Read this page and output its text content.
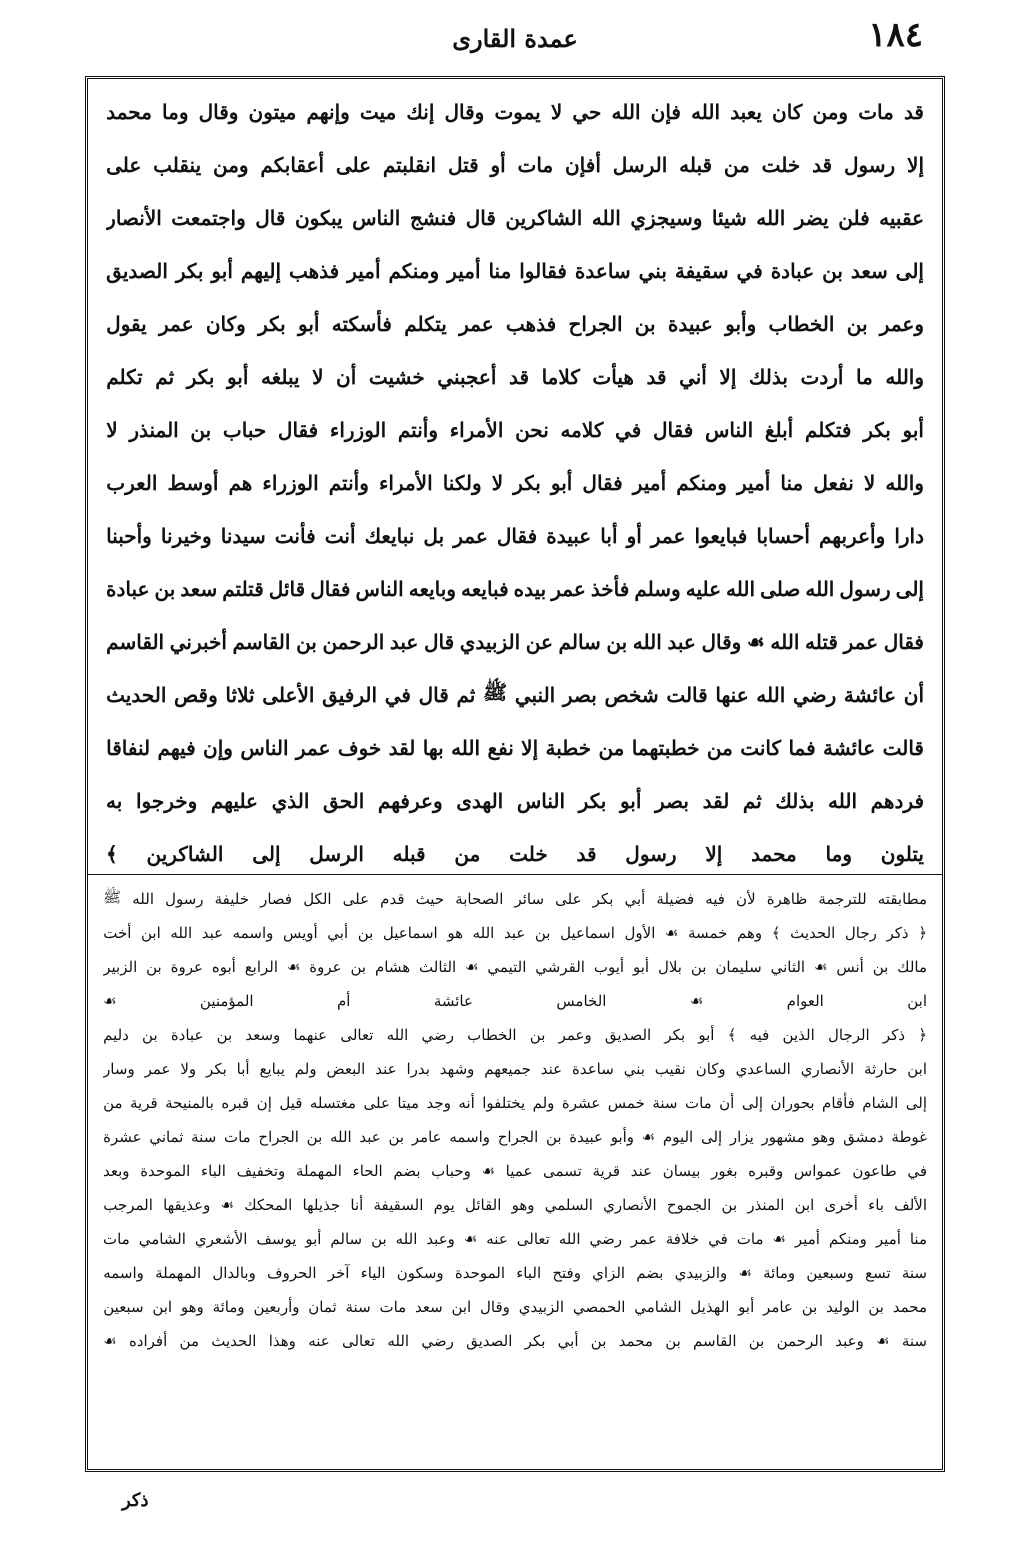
١٨٤
عمدة القارى
قد
مات
ومن
كان
يعبد
الله
فإن
الله
حي
لا
يموت
وقال
إنك
ميت
وإنهم
ميتون
وقال
وما
محمد
إلا
رسول
قد
خلت
من
قبله
الرسل
أفإن
مات
أو
قتل
انقلبتم
على
أعقابكم
ومن
ينقلب
على
عقبيه
فلن
يضر
الله
شيئا
وسيجزي
الله
الشاكرين
قال
فنشج
الناس
يبكون
قال
واجتمعت
الأنصار
إلى
سعد
بن
عبادة
في
سقيفة
بني
ساعدة
فقالوا
منا
أمير
ومنكم
أمير
فذهب
إليهم
أبو
بكر
الصديق
وعمر
بن
الخطاب
وأبو
عبيدة
بن
الجراح
فذهب
عمر
يتكلم
فأسكته
أبو
بكر
وكان
عمر
يقول
والله
ما
أردت
بذلك
إلا
أني
قد
هيأت
كلاما
قد
أعجبني
خشيت
أن
لا
يبلغه
أبو
بكر
ثم
تكلم
أبو
بكر
فتكلم
أبلغ
الناس
فقال
في
كلامه
نحن
الأمراء
وأنتم
الوزراء
فقال
حباب
بن
المنذر
لا
والله
لا
نفعل
منا
أمير
ومنكم
أمير
فقال
أبو
بكر
لا
ولكنا
الأمراء
وأنتم
الوزراء
هم
أوسط
العرب
دارا
وأعربهم
أحسابا
فبايعوا
عمر
أو
أبا
عبيدة
فقال
عمر
بل
نبايعك
أنت
فأنت
سيدنا
وخيرنا
وأحبنا
إلى
رسول
الله
صلى
الله
عليه
وسلم
فأخذ
عمر
بيده
فبايعه
وبايعه
الناس
فقال
قائل
قتلتم
سعد
بن
عبادة
فقال
عمر
قتله
الله
☙
وقال
عبد
الله
بن
سالم
عن
الزبيدي
قال
عبد
الرحمن
بن
القاسم
أخبرني
القاسم
أن
عائشة
رضي
الله
عنها
قالت
شخص
بصر
النبي
ﷺ
ثم
قال
في
الرفيق
الأعلى
ثلاثا
وقص
الحديث
قالت
عائشة
فما
كانت
من
خطبتهما
من
خطبة
إلا
نفع
الله
بها
لقد
خوف
عمر
الناس
وإن
فيهم
لنفاقا
فردهم
الله
بذلك
ثم
لقد
بصر
أبو
بكر
الناس
الهدى
وعرفهم
الحق
الذي
عليهم
وخرجوا
به
يتلون
وما
محمد
إلا
رسول
قد
خلت
من
قبله
الرسل
إلى
الشاكرين
﴾
مطابقته
للترجمة
ظاهرة
لأن
فيه
فضيلة
أبي
بكر
على
سائر
الصحابة
حيث
قدم
على
الكل
فصار
خليفة
رسول
الله
ﷺ
﴿
ذكر
رجال
الحديث
﴾
وهم
خمسة
☙
الأول
اسماعيل
بن
عبد
الله
هو
اسماعيل
بن
أبي
أويس
واسمه
عبد
الله
ابن
أخت
مالك
بن
أنس
☙
الثاني
سليمان
بن
بلال
أبو
أيوب
القرشي
التيمي
☙
الثالث
هشام
بن
عروة
☙
الرابع
أبوه
عروة
بن
الزبير
ابن
العوام
☙
الخامس
عائشة
أم
المؤمنين
☙
﴿
ذكر
الرجال
الذين
فيه
﴾
أبو
بكر
الصديق
وعمر
بن
الخطاب
رضي
الله
تعالى
عنهما
وسعد
بن
عبادة
بن
دليم
ابن
حارثة
الأنصاري
الساعدي
وكان
نقيب
بني
ساعدة
عند
جميعهم
وشهد
بدرا
عند
البعض
ولم
يبايع
أبا
بكر
ولا
عمر
وسار
إلى
الشام
فأقام
بحوران
إلى
أن
مات
سنة
خمس
عشرة
ولم
يختلفوا
أنه
وجد
ميتا
على
مغتسله
قيل
إن
قبره
بالمنيحة
قرية
من
غوطة
دمشق
وهو
مشهور
يزار
إلى
اليوم
☙
وأبو
عبيدة
بن
الجراح
واسمه
عامر
بن
عبد
الله
بن
الجراح
مات
سنة
ثماني
عشرة
في
طاعون
عمواس
وقبره
بغور
بيسان
عند
قرية
تسمى
عميا
☙
وحباب
بضم
الحاء
المهملة
وتخفيف
الباء
الموحدة
وبعد
الألف
باء
أخرى
ابن
المنذر
بن
الجموح
الأنصاري
السلمي
وهو
القائل
يوم
السقيفة
أنا
جذيلها
المحكك
☙
وعذيقها
المرجب
منا
أمير
ومنكم
أمير
☙
مات
في
خلافة
عمر
رضي
الله
تعالى
عنه
☙
وعبد
الله
بن
سالم
أبو
يوسف
الأشعري
الشامي
مات
سنة
تسع
وسبعين
ومائة
☙
والزبيدي
بضم
الزاي
وفتح
الباء
الموحدة
وسكون
الياء
آخر
الحروف
وبالدال
المهملة
واسمه
محمد
بن
الوليد
بن
عامر
أبو
الهذيل
الشامي
الحمصي
الزبيدي
وقال
ابن
سعد
مات
سنة
ثمان
وأربعين
ومائة
وهو
ابن
سبعين
سنة
☙
وعبد
الرحمن
بن
القاسم
بن
محمد
بن
أبي
بكر
الصديق
رضي
الله
تعالى
عنه
وهذا
الحديث
من
أفراده
☙
ذكر
